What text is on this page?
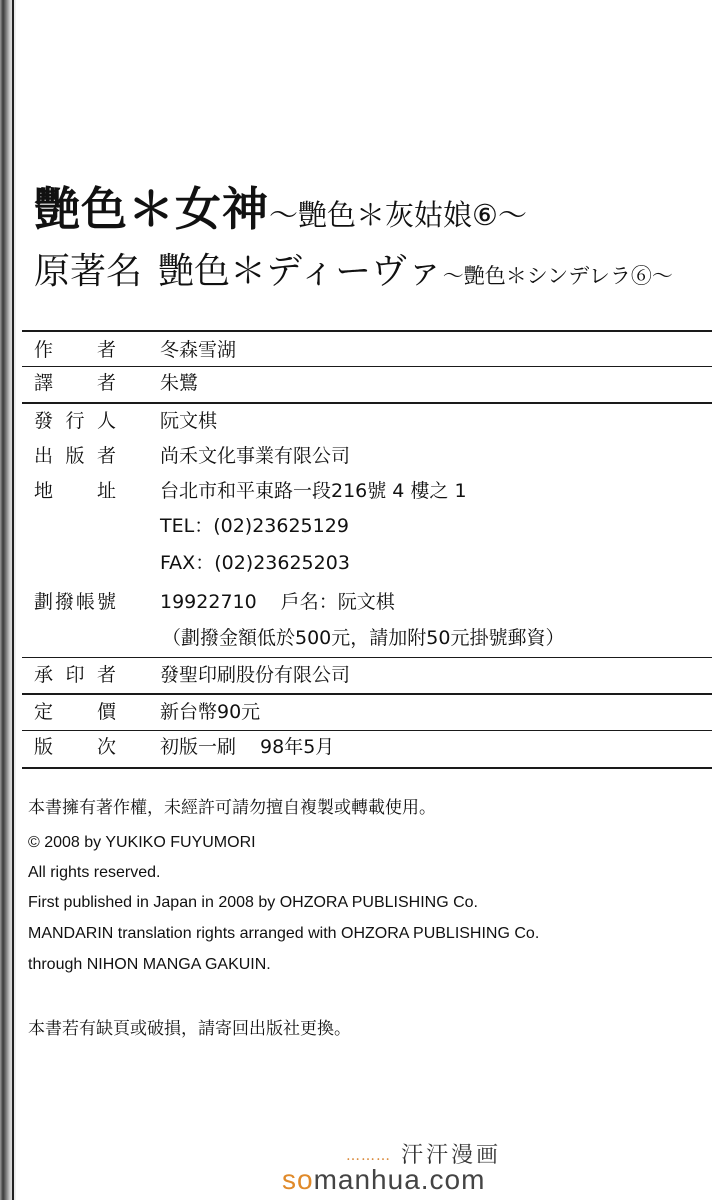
艷色＊女神～艷色＊灰姑娘⑥～
原著名 艷色＊ディーヴァ～艷色＊シンデレラ⑥～
作 者 冬森雪湖
譯 者 朱鷺
發 行 人 阮文棋
出 版 者 尚禾文化事業有限公司
地 址 台北市和平東路一段216號 4 樓之 1
TEL：(02)23625129
FAX：(02)23625203
劃 撥 帳 號 19922710 戶名：阮文棋
（劃撥金額低於500元，請加附50元掛號郵資）
承 印 者 發聖印刷股份有限公司
定 價 新台幣90元
版 次 初版一刷 98年5月
本書擁有著作權，未經許可請勿擅自複製或轉載使用。
© 2008 by YUKIKO FUYUMORI
All rights reserved.
First published in Japan in 2008 by OHZORA PUBLISHING Co.
MANDARIN translation rights arranged with OHZORA PUBLISHING Co.
through NIHON MANGA GAKUIN.
本書若有缺頁或破損，請寄回出版社更換。
……… 汗汗漫画
somanhua.com
